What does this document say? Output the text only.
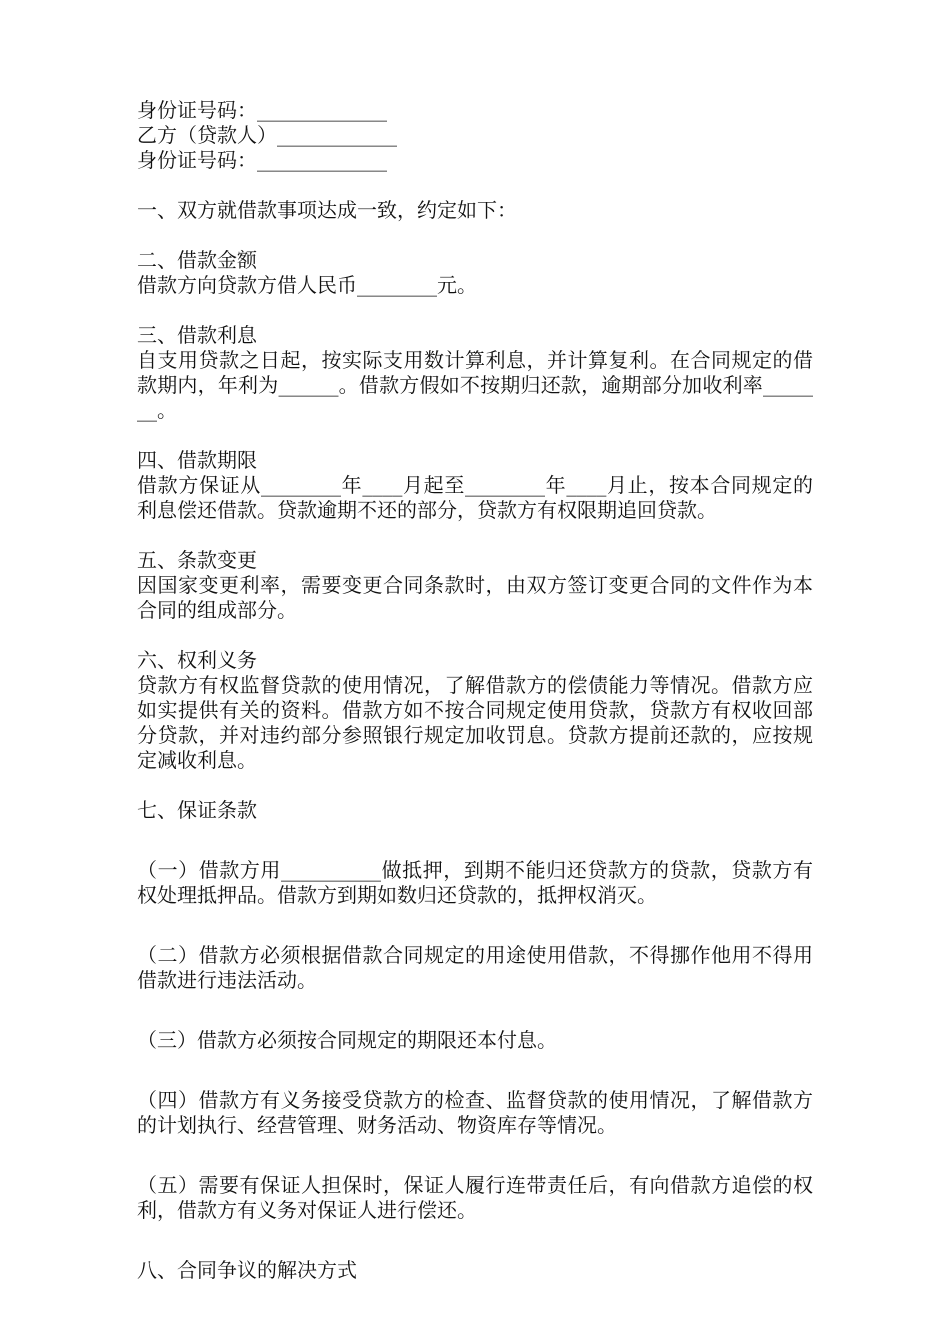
身份证号码：_____________
乙方（贷款人）____________
身份证号码：_____________
一、双方就借款事项达成一致，约定如下：
二、借款金额
借款方向贷款方借人民币________元。
三、借款利息
自支用贷款之日起，按实际支用数计算利息，并计算复利。在合同规定的借款期内，年利为______。借款方假如不按期归还款，逾期部分加收利率_______。
四、借款期限
借款方保证从________年____月起至________年____月止，按本合同规定的利息偿还借款。贷款逾期不还的部分，贷款方有权限期追回贷款。
五、条款变更
因国家变更利率，需要变更合同条款时，由双方签订变更合同的文件作为本合同的组成部分。
六、权利义务
贷款方有权监督贷款的使用情况，了解借款方的偿债能力等情况。借款方应如实提供有关的资料。借款方如不按合同规定使用贷款，贷款方有权收回部分贷款，并对违约部分参照银行规定加收罚息。贷款方提前还款的，应按规定减收利息。
七、保证条款
（一）借款方用__________做抵押，到期不能归还贷款方的贷款，贷款方有权处理抵押品。借款方到期如数归还贷款的，抵押权消灭。
（二）借款方必须根据借款合同规定的用途使用借款，不得挪作他用不得用借款进行违法活动。
（三）借款方必须按合同规定的期限还本付息。
（四）借款方有义务接受贷款方的检查、监督贷款的使用情况，了解借款方的计划执行、经营管理、财务活动、物资库存等情况。
（五）需要有保证人担保时，保证人履行连带责任后，有向借款方追偿的权利，借款方有义务对保证人进行偿还。
八、合同争议的解决方式
